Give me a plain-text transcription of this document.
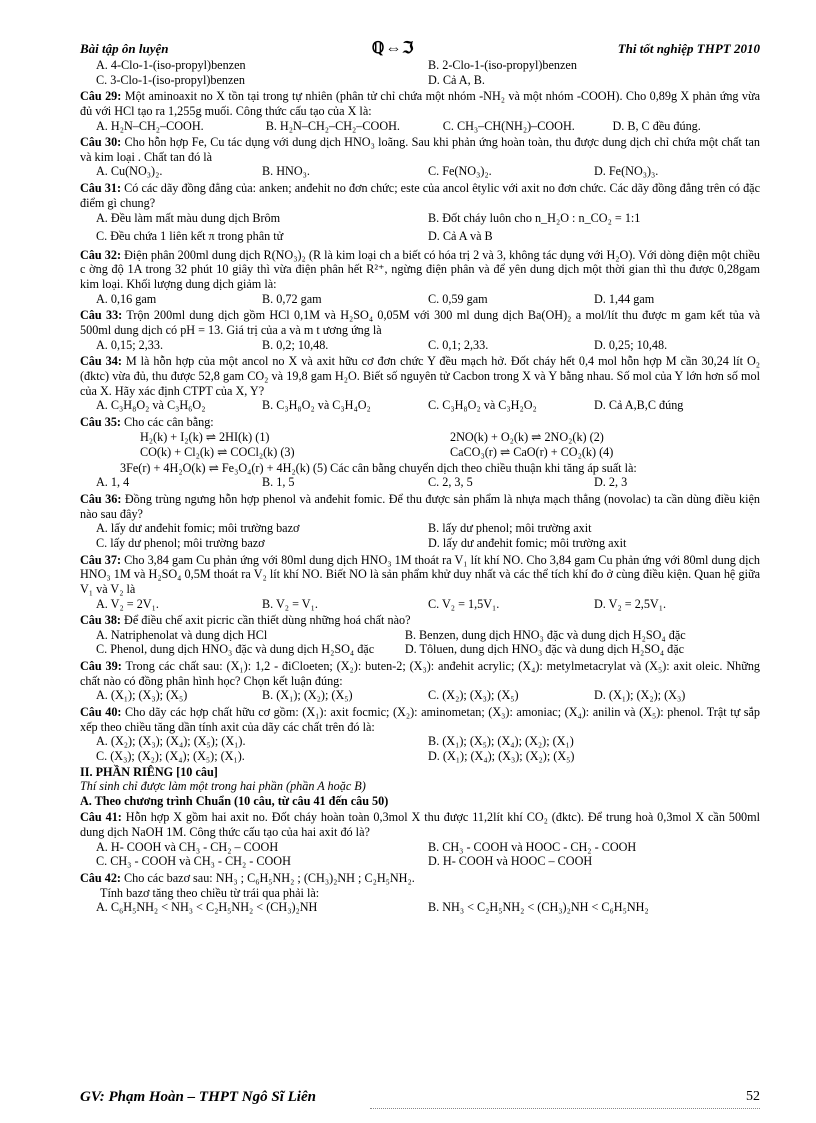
Bài tập ôn luyện	ℚ⇔ℑ	Thi tốt nghiệp THPT 2010
A. 4-Clo-1-(iso-propyl)benzen	B. 2-Clo-1-(iso-propyl)benzen
C. 3-Clo-1-(iso-propyl)benzen	D. Cả A, B.
Câu 29: Một aminoaxit no X tồn tại trong tự nhiên (phân tử chỉ chứa một nhóm -NH₂ và một nhóm -COOH). Cho 0,89g X phản ứng vừa đủ với HCl tạo ra 1,255g muối. Công thức cấu tạo của X là:
A. H₂N–CH₂–COOH.	B. H₂N–CH₂–CH₂–COOH.	C. CH₃–CH(NH₂)–COOH.	D. B, C đều đúng.
Câu 30: Cho hỗn hợp Fe, Cu tác dụng với dung dịch HNO₃ loãng. Sau khi phản ứng hoàn toàn, thu được dung dịch chỉ chứa một chất tan và kim loại . Chất tan đó là
A. Cu(NO₃)₂.	B. HNO₃.	C. Fe(NO₃)₂.	D. Fe(NO₃)₃.
Câu 31: Có các dãy đồng đẳng của: anken; anđehit no đơn chức; este của ancol êtylic với axit no đơn chức. Các dãy đồng đẳng trên có đặc điểm gì chung?
A. Đều làm mất màu dung dịch Brôm	B. Đốt cháy luôn cho n_H₂O : n_CO₂ = 1:1
C. Đều chứa 1 liên kết π trong phân tử	D. Cả A và B
Câu 32: Điện phân 200ml dung dịch R(NO₃)₂ (R là kim loại ch a biết có hóa trị 2 và 3, không tác dụng với H₂O). Với dòng điện một chiều c ờng độ 1A trong 32 phút 10 giây thì vừa điện phân hết R²⁺, ngừng điện phân và để yên dung dịch một thời gian thì thu được 0,28gam kim loại. Khối lượng dung dịch giảm là:
A. 0,16 gam	B. 0,72 gam	C. 0,59 gam	D. 1,44 gam
Câu 33: Trộn 200ml dung dịch gồm HCl 0,1M và H₂SO₄ 0,05M với 300 ml dung dịch Ba(OH)₂ a mol/lít thu được m gam kết tủa và 500ml dung dịch có pH = 13. Giá trị của a và m t ương ứng là
A. 0,15; 2,33.	B. 0,2; 10,48.	C. 0,1; 2,33.	D. 0,25; 10,48.
Câu 34: M là hỗn hợp của một ancol no X và axit hữu cơ đơn chức Y đều mạch hở. Đốt cháy hết 0,4 mol hỗn hợp M cần 30,24 lít O₂ (đktc) vừa đủ, thu được 52,8 gam CO₂ và 19,8 gam H₂O. Biết số nguyên tử Cacbon trong X và Y bằng nhau. Số mol của Y lớn hơn số mol của X. Hãy xác định CTPT của X, Y?
A. C₃H₈O₂ và C₃H₆O₂	B. C₃H₈O₂ và C₃H₄O₂	C. C₃H₈O₂ và C₃H₂O₂	D. Cả A,B,C đúng
Câu 35: Cho các cân bằng:
H₂(k) + I₂(k) ⇌ 2HI(k) (1)	2NO(k) + O₂(k) ⇌ 2NO₂(k) (2)
CO(k) + Cl₂(k) ⇌ COCl₂(k) (3)	CaCO₃(r) ⇌ CaO(r) + CO₂(k) (4)
3Fe(r) + 4H₂O(k) ⇌ Fe₃O₄(r) + 4H₂(k) (5) Các cân bằng chuyển dịch theo chiều thuận khi tăng áp suất là:
A. 1, 4	B. 1, 5	C. 2, 3, 5	D. 2, 3
Câu 36: Đồng trùng ngưng hỗn hợp phenol và anđehit fomic. Để thu được sản phẩm là nhựa mạch thẳng (novolac) ta cần dùng điều kiện nào sau đây?
A. lấy dư anđehit fomic; môi trường bazơ	B. lấy dư phenol; môi trường axit
C. lấy dư phenol; môi trường bazơ	D. lấy dư anđehit fomic; môi trường axit
Câu 37: Cho 3,84 gam Cu phản ứng với 80ml dung dịch HNO₃ 1M thoát ra V₁ lít khí NO. Cho 3,84 gam Cu phản ứng với 80ml dung dịch HNO₃ 1M và H₂SO₄ 0,5M thoát ra V₂ lít khí NO. Biết NO là sản phẩm khử duy nhất và các thể tích khí đo ở cùng điều kiện. Quan hệ giữa V₁ và V₂ là
A. V₂ = 2V₁.	B. V₂ = V₁.	C. V₂ = 1,5V₁.	D. V₂ = 2,5V₁.
Câu 38: Để điều chế axit picric cần thiết dùng những hoá chất nào?
A. Natriphenolat và dung dịch HCl	B. Benzen, dung dịch HNO₃ đặc và dung dịch H₂SO₄ đặc
C. Phenol, dung dịch HNO₃ đặc và dung dịch H₂SO₄ đặc	D. Tôluen, dung dịch HNO₃ đặc và dung dịch H₂SO₄ đặc
Câu 39: Trong các chất sau: (X₁): 1,2 - điCloeten; (X₂): buten-2; (X₃): anđehit acrylic; (X₄): metylmetacrylat và (X₅): axit oleic. Những chất nào có đồng phân hình học? Chọn kết luận đúng:
A. (X₁); (X₃); (X₅)	B. (X₁); (X₂); (X₅)	C. (X₂); (X₃); (X₅)	D. (X₁); (X₂); (X₃)
Câu 40: Cho dãy các hợp chất hữu cơ gồm: (X₁): axit focmic; (X₂): aminometan; (X₃): amoniac; (X₄): anilin và (X₅): phenol. Trật tự sắp xếp theo chiều tăng dần tính axit của dãy các chất trên đó là:
A. (X₂); (X₃); (X₄); (X₅); (X₁).	B. (X₁); (X₅); (X₄); (X₂); (X₁)
C. (X₃); (X₂); (X₄); (X₅); (X₁).	D. (X₁); (X₄); (X₃); (X₂); (X₅)
II. PHẦN RIÊNG [10 câu]
Thí sinh chỉ được làm một trong hai phần (phần A hoặc B)
A. Theo chương trình Chuẩn (10 câu, từ câu 41 đến câu 50)
Câu 41: Hỗn hợp X gồm hai axit no. Đốt cháy hoàn toàn 0,3mol X thu được 11,2lít khí CO₂ (đktc). Để trung hoà 0,3mol X cần 500ml dung dịch NaOH 1M. Công thức cấu tạo của hai axit đó là?
A. H- COOH và CH₃ - CH₂ – COOH	B. CH₃ - COOH và HOOC - CH₂ - COOH
C. CH₃ - COOH và CH₃ - CH₂ - COOH	D. H- COOH và HOOC – COOH
Câu 42: Cho các bazơ sau: NH₃ ; C₆H₅NH₂ ; (CH₃)₂NH ; C₂H₅NH₂.
Tính bazơ tăng theo chiều từ trái qua phải là:
A. C₆H₅NH₂ < NH₃ < C₂H₅NH₂ < (CH₃)₂NH	B. NH₃ < C₂H₅NH₂ < (CH₃)₂NH < C₆H₅NH₂
GV: Phạm Hoàn – THPT Ngô Sĩ Liên	52
